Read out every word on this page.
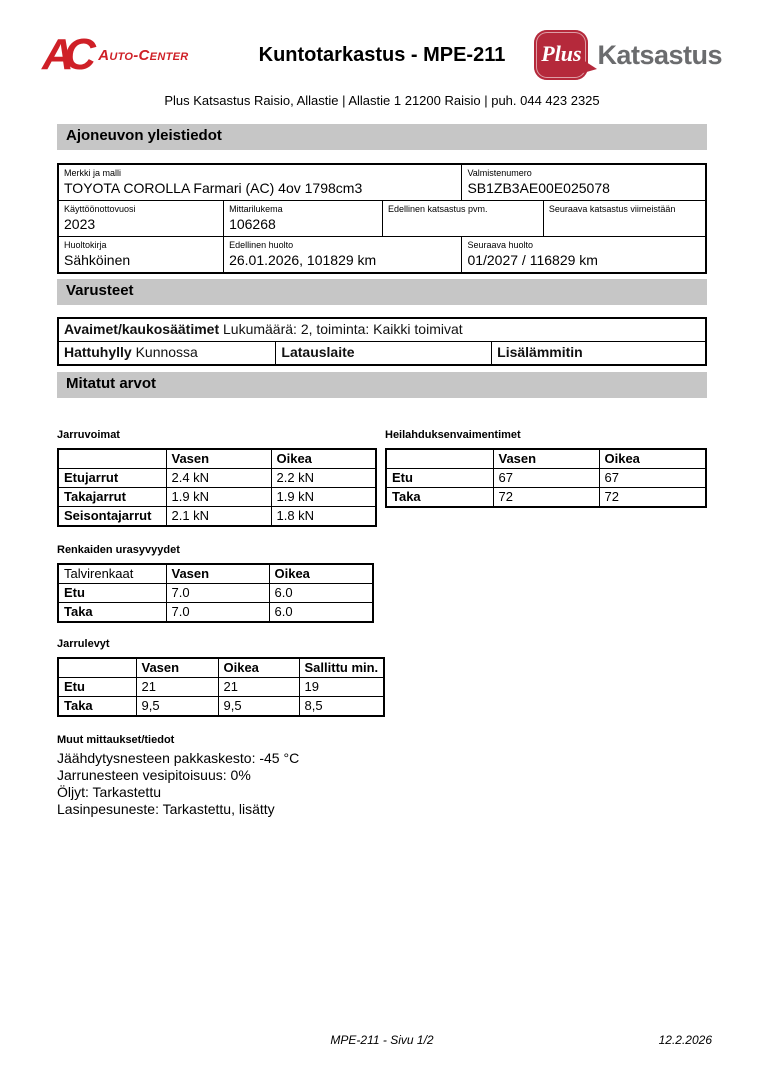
AC Auto-Center	Kuntotarkastus - MPE-211	Plus Katsastus
Plus Katsastus Raisio, Allastie | Allastie 1 21200 Raisio | puh. 044 423 2325
Ajoneuvon yleistiedot
Merkki ja malli
TOYOTA COROLLA Farmari (AC) 4ov 1798cm3
Valmistenumero
SB1ZB3AE00E025078
Käyttöönottovuosi
2023
Mittarilukema
106268
Edellinen katsastus pvm.	Seuraava katsastus viimeistään
Huoltokirja
Sähköinen
Edellinen huolto
26.01.2026, 101829 km
Seuraava huolto
01/2027 / 116829 km
Varusteet
Avaimet/kaukosäätimet Lukumäärä: 2, toiminta: Kaikki toimivat
Hattuhylly Kunnossa	Latauslaite	Lisälämmitin
Mitatut arvot
Jarruvoimat
	Vasen	Oikea
Etujarrut	2.4 kN	2.2 kN
Takajarrut	1.9 kN	1.9 kN
Seisontajarrut	2.1 kN	1.8 kN
Heilahduksenvaimentimet
	Vasen	Oikea
Etu	67	67
Taka	72	72
Renkaiden urasyvyydet
Talvirenkaat	Vasen	Oikea
Etu	7.0	6.0
Taka	7.0	6.0
Jarrulevyt
	Vasen	Oikea	Sallittu min.
Etu	21	21	19
Taka	9,5	9,5	8,5
Muut mittaukset/tiedot
Jäähdytysnesteen pakkaskesto: -45 °C
Jarrunesteen vesipitoisuus: 0%
Öljyt: Tarkastettu
Lasinpesuneste: Tarkastettu, lisätty
MPE-211 - Sivu 1/2	12.2.2026
